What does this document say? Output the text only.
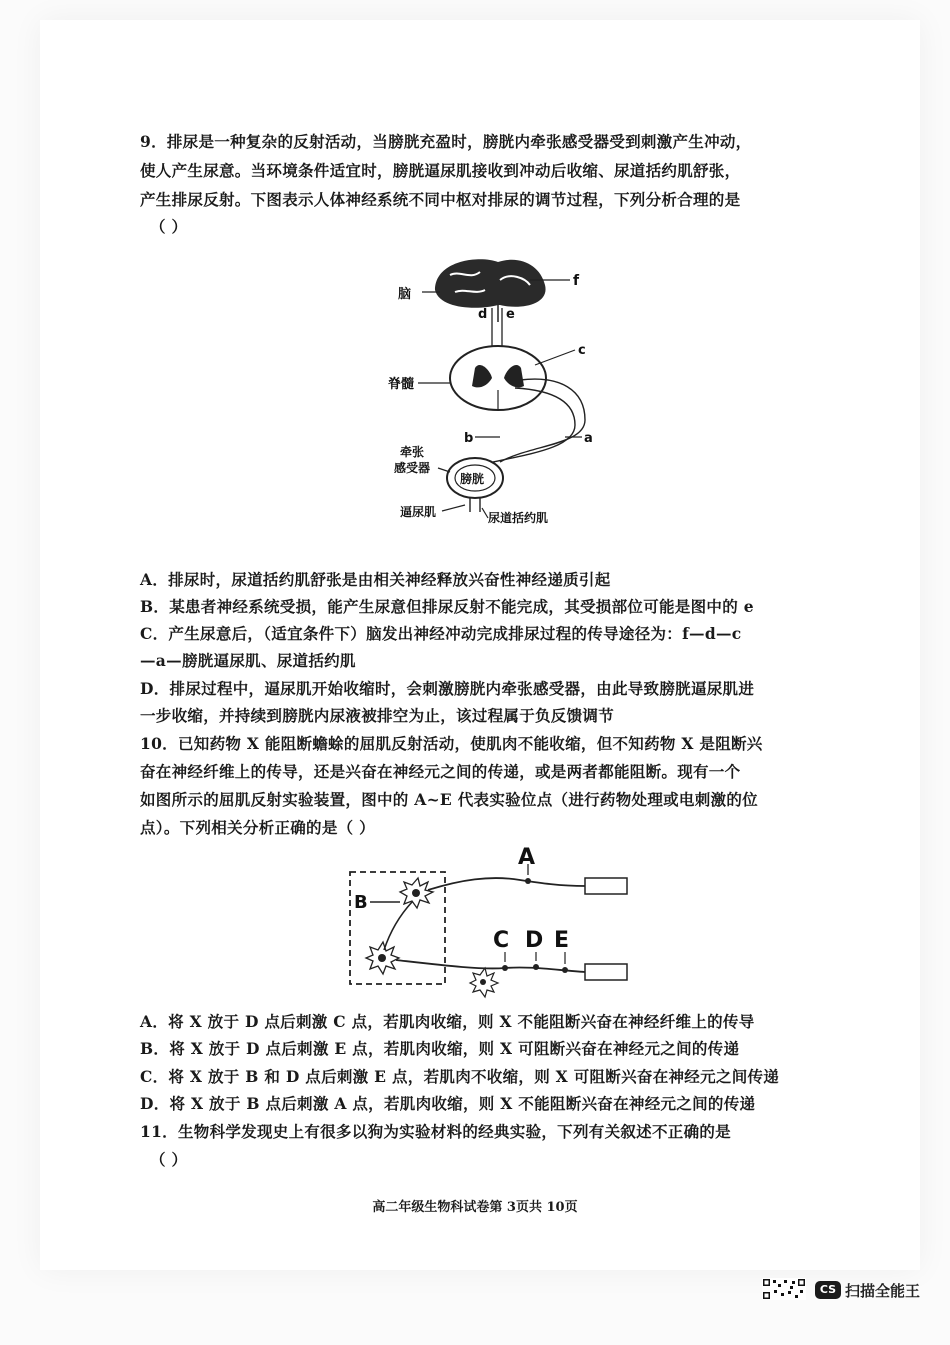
9．排尿是一种复杂的反射活动，当膀胱充盈时，膀胱内牵张感受器受到刺激产生冲动，
使人产生尿意。当环境条件适宜时，膀胱逼尿肌接收到冲动后收缩、尿道括约肌舒张，
产生排尿反射。下图表示人体神经系统不同中枢对排尿的调节过程，下列分析合理的是
（ ）
f
脑
d e
脊髓
c
b	a
膀胱
牵张
感受器
逼尿肌	尿道括约肌
A．排尿时，尿道括约肌舒张是由相关神经释放兴奋性神经递质引起
B．某患者神经系统受损，能产生尿意但排尿反射不能完成，其受损部位可能是图中的 e
C．产生尿意后，（适宜条件下）脑发出神经冲动完成排尿过程的传导途径为：f—d—c
—a—膀胱逼尿肌、尿道括约肌
D．排尿过程中，逼尿肌开始收缩时，会刺激膀胱内牵张感受器，由此导致膀胱逼尿肌进
一步收缩，并持续到膀胱内尿液被排空为止，该过程属于负反馈调节
10．已知药物 X 能阻断蟾蜍的屈肌反射活动，使肌肉不能收缩，但不知药物 X 是阻断兴
奋在神经纤维上的传导，还是兴奋在神经元之间的传递，或是两者都能阻断。现有一个
如图所示的屈肌反射实验装置，图中的 A~E 代表实验位点（进行药物处理或电刺激的位
点）。下列相关分析正确的是（ ）
B
A
C D E
A．将 X 放于 D 点后刺激 C 点，若肌肉收缩，则 X 不能阻断兴奋在神经纤维上的传导
B．将 X 放于 D 点后刺激 E 点，若肌肉收缩，则 X 可阻断兴奋在神经元之间的传递
C．将 X 放于 B 和 D 点后刺激 E 点，若肌肉不收缩，则 X 可阻断兴奋在神经元之间传递
D．将 X 放于 B 点后刺激 A 点，若肌肉收缩，则 X 不能阻断兴奋在神经元之间的传递
11．生物科学发现史上有很多以狗为实验材料的经典实验，下列有关叙述不正确的是
（ ）
高二年级生物科试卷第 3页共 10页
CS 扫描全能王
